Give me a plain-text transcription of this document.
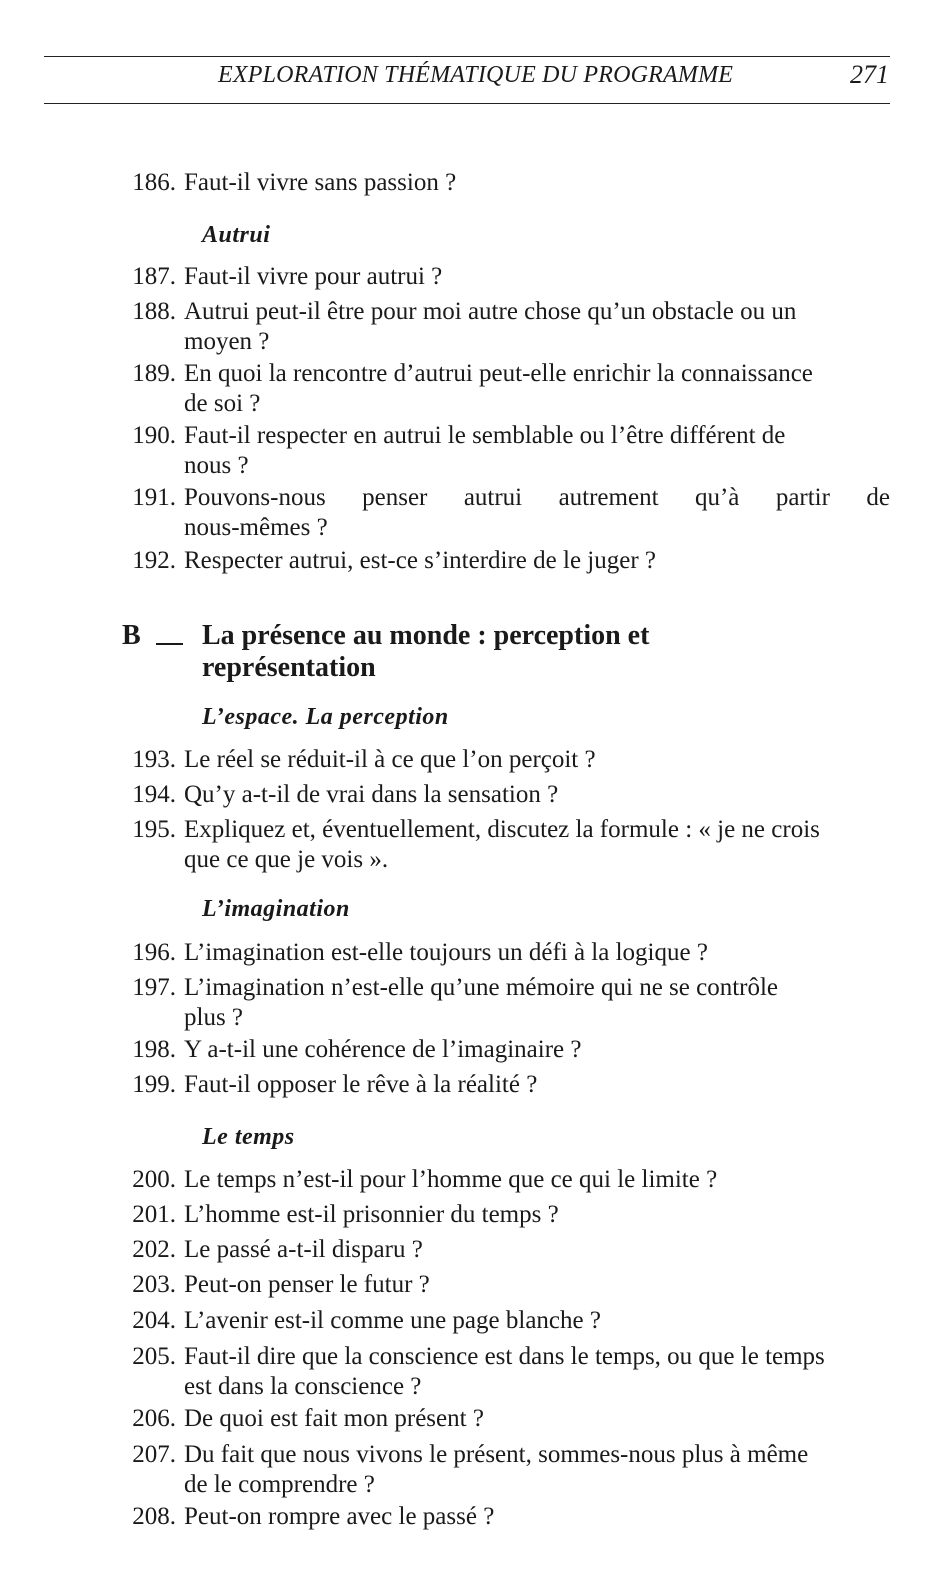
EXPLORATION THÉMATIQUE DU PROGRAMME	271
Autrui
B La présence au monde : perception et
représentation
L’espace. La perception
L’imagination
Le temps
186. Faut-il vivre sans passion ?
187. Faut-il vivre pour autrui ?
188. Autrui peut-il être pour moi autre chose qu’un obstacle ou un
moyen ?
189. En quoi la rencontre d’autrui peut-elle enrichir la connaissance
de soi ?
190. Faut-il respecter en autrui le semblable ou l’être différent de
nous ?
191. Pouvons-nous penser autrui autrement qu’à partir de
nous-mêmes ?
192. Respecter autrui, est-ce s’interdire de le juger ?
193. Le réel se réduit-il à ce que l’on perçoit ?
194. Qu’y a-t-il de vrai dans la sensation ?
195. Expliquez et, éventuellement, discutez la formule : « je ne crois
que ce que je vois ».
196. L’imagination est-elle toujours un défi à la logique ?
197. L’imagination n’est-elle qu’une mémoire qui ne se contrôle
plus ?
198. Y a-t-il une cohérence de l’imaginaire ?
199. Faut-il opposer le rêve à la réalité ?
200. Le temps n’est-il pour l’homme que ce qui le limite ?
201. L’homme est-il prisonnier du temps ?
202. Le passé a-t-il disparu ?
203. Peut-on penser le futur ?
204. L’avenir est-il comme une page blanche ?
205. Faut-il dire que la conscience est dans le temps, ou que le temps
est dans la conscience ?
206. De quoi est fait mon présent ?
207. Du fait que nous vivons le présent, sommes-nous plus à même
de le comprendre ?
208. Peut-on rompre avec le passé ?
